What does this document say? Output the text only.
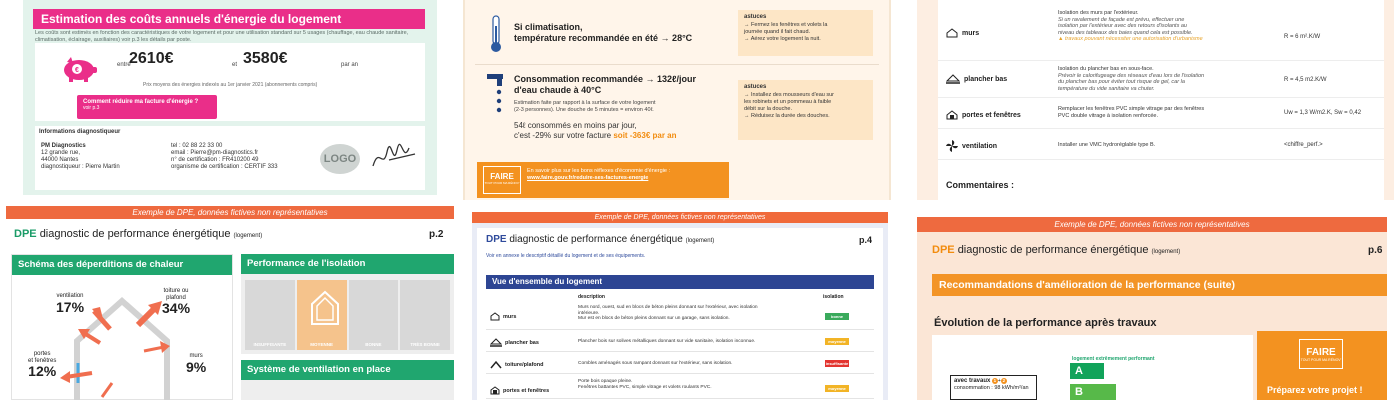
Estimation des coûts annuels d'énergie du logement
Les coûts sont estimés en fonction des caractéristiques de votre logement et pour une utilisation standard sur 5 usages (chauffage, eau chaude sanitaire, climatisation, éclairage, auxiliaires) voir p.3 les détails par poste.
€
entre
2610€	et 3580€	par an
Prix moyens des énergies indexés au 1er janvier 2021 (abonnements compris)
Comment réduire ma facture d'énergie ?
voir p.3
Informations diagnostiqueur
PM Diagnostics
12 grande rue,
44000 Nantes
diagnostiqueur : Pierre Martin
tel : 02 88 22 33 00
email : Pierre@pm-diagnostics.fr
n° de certification : FR410200 49
organisme de certification : CERTIF 333
LOGO
Si climatisation,
température recommandée en été → 28°C
astuces
→ Fermez les fenêtres et volets la
journée quand il fait chaud.
→ Aérez votre logement la nuit.
Consommation recommandée → 132ℓ/jour
d'eau chaude à 40°C
Estimation faite par rapport à la surface de votre logement
(2-3 personnes). Une douche de 5 minutes = environ 40ℓ.
54ℓ consommés en moins par jour,
c'est -29% sur votre facture soit -363€ par an
astuces
→ Installez des mousseurs d'eau sur
les robinets et un pommeau à faible
débit sur la douche.
→ Réduisez la durée des douches.
FAIRE
TOUT POUR MA RÉNOV'
En savoir plus sur les bons réflexes d'économie d'énergie :
www.faire.gouv.fr/reduire-ses-factures-energie
murs
Isolation des murs par l'extérieur.
Si un ravalement de façade est prévu, effectuer une
isolation par l'extérieur avec des retours d'isolants au
niveau des tableaux des baies quand cela est possible.
▲ travaux pouvant nécessiter une autorisation d'urbanisme	R = 6 m².K/W
plancher bas
Isolation du plancher bas en sous-face.
Prévoir le calorifugeage des réseaux d'eau lors de l'isolation
du plancher bas pour éviter tout risque de gel, car la
température du vide sanitaire va chuter.
R = 4,5 m2.K/W
portes et fenêtres
Remplacer les fenêtres PVC simple vitrage par des fenêtres
PVC double vitrage à isolation renforcée.	Uw = 1,3 W/m2.K, Sw = 0,42
ventilation	Installer une VMC hydroréglable type B.	<chiffre_perf.>
Commentaires :
Exemple de DPE, données fictives non représentatives
DPE diagnostic de performance énergétique (logement)	p.2
Schéma des déperditions de chaleur
ventilation
17%
toiture ou
plafond
34%
portes
et fenêtres
12%
murs
9%
Performance de l'isolation
INSUFFISANTE	MOYENNE	BONNE	TRÈS BONNE
Système de ventilation en place
Exemple de DPE, données fictives non représentatives
DPE diagnostic de performance énergétique (logement)	p.4
Voir en annexe le descriptif détaillé du logement et de ses équipements.
Vue d'ensemble du logement
description	isolation
murs
Murs nord, ouest, sud en blocs de béton pleins donnant sur l'extérieur, avec isolation
intérieure.
Mur est en blocs de béton pleins donnant sur un garage, sans isolation.	bonne
plancher bas	Plancher bois sur solives métalliques donnant sur vide sanitaire, isolation inconnue.	moyenne
toiture/plafond	Combles aménagés sous rampant donnant sur l'extérieur, sans isolation.	insuffisante
portes et fenêtres
Porte bois opaque pleine.
Fenêtres battantes PVC, simple vitrage et volets roulants PVC.	moyenne
Exemple de DPE, données fictives non représentatives
DPE diagnostic de performance énergétique (logement)	p.6
Recommandations d'amélioration de la performance (suite)
Évolution de la performance après travaux
logement extrêmement performant
A
B
avec travaux 1 + 2
consommation : 98 kWh/m²/an
FAIRE
TOUT POUR MA RÉNOV'
Préparez votre projet !
